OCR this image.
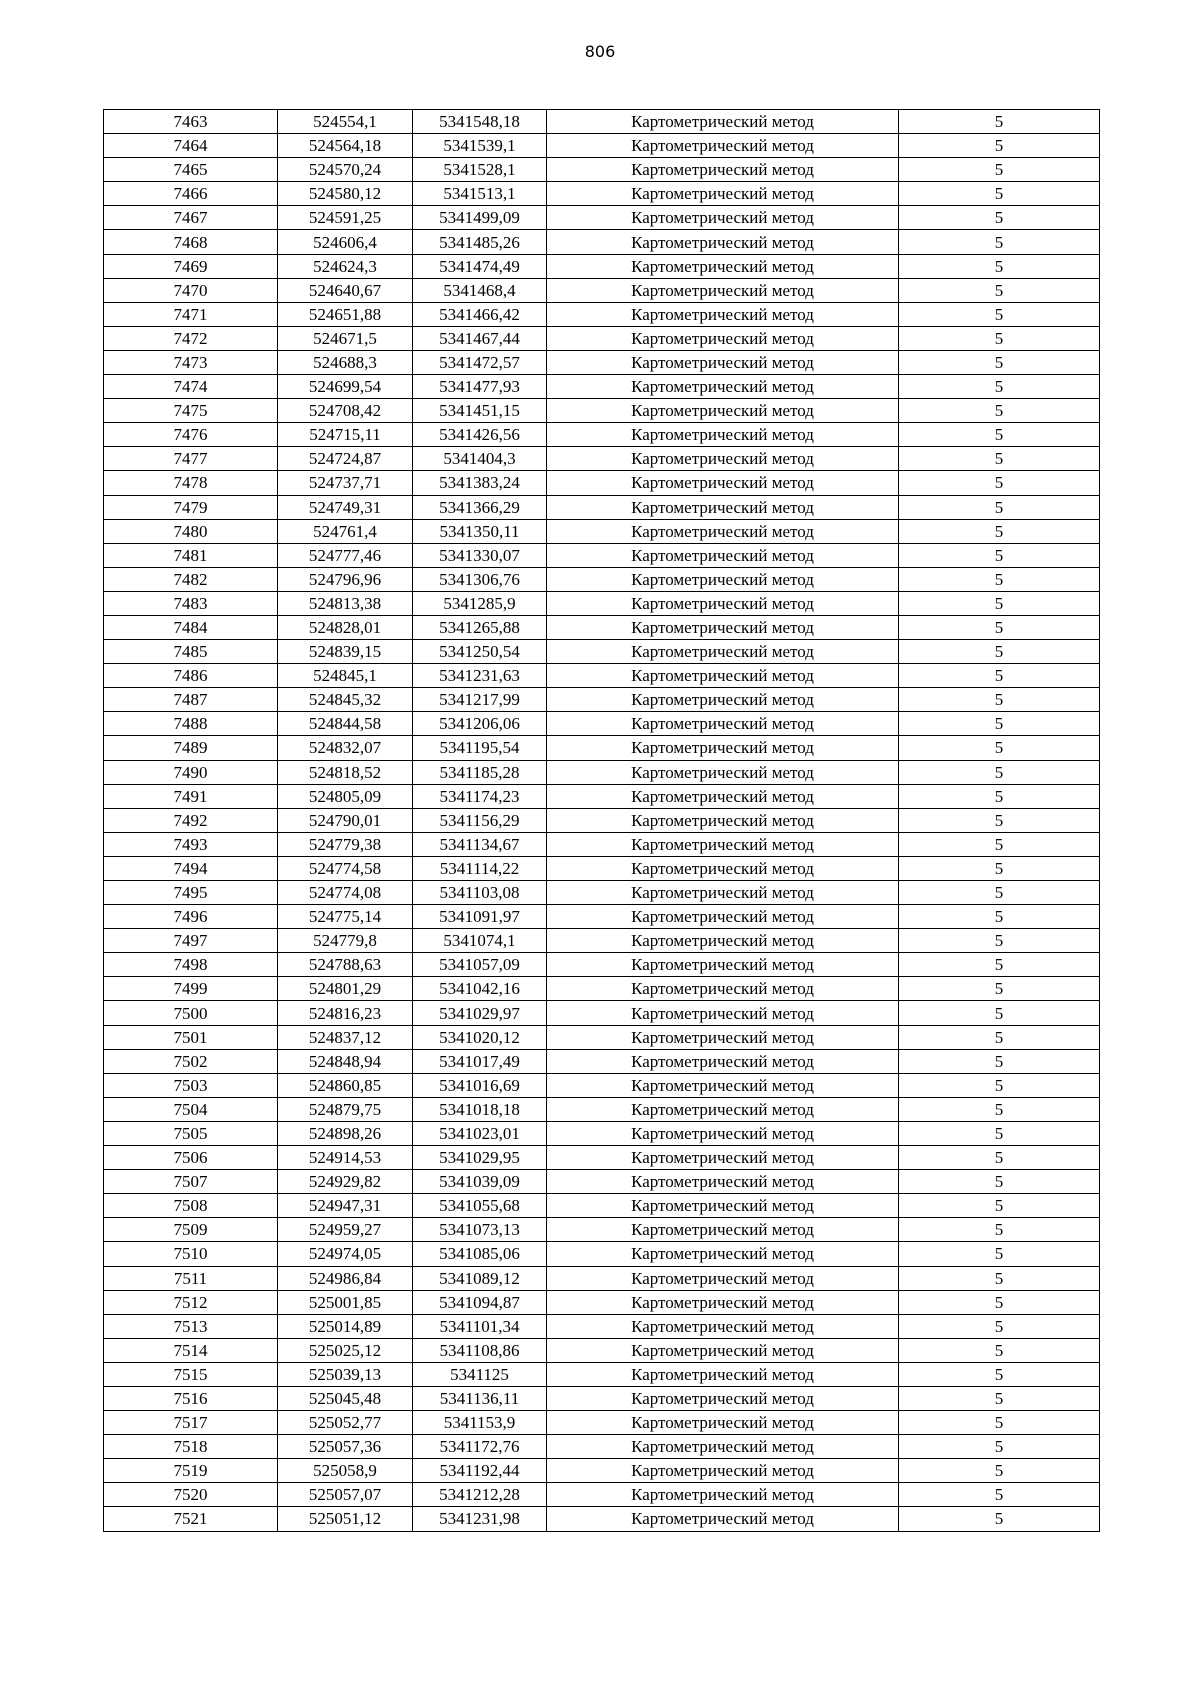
806
7463	524554,1	5341548,18	Картометрический метод	5
7464	524564,18	5341539,1	Картометрический метод	5
7465	524570,24	5341528,1	Картометрический метод	5
7466	524580,12	5341513,1	Картометрический метод	5
7467	524591,25	5341499,09	Картометрический метод	5
7468	524606,4	5341485,26	Картометрический метод	5
7469	524624,3	5341474,49	Картометрический метод	5
7470	524640,67	5341468,4	Картометрический метод	5
7471	524651,88	5341466,42	Картометрический метод	5
7472	524671,5	5341467,44	Картометрический метод	5
7473	524688,3	5341472,57	Картометрический метод	5
7474	524699,54	5341477,93	Картометрический метод	5
7475	524708,42	5341451,15	Картометрический метод	5
7476	524715,11	5341426,56	Картометрический метод	5
7477	524724,87	5341404,3	Картометрический метод	5
7478	524737,71	5341383,24	Картометрический метод	5
7479	524749,31	5341366,29	Картометрический метод	5
7480	524761,4	5341350,11	Картометрический метод	5
7481	524777,46	5341330,07	Картометрический метод	5
7482	524796,96	5341306,76	Картометрический метод	5
7483	524813,38	5341285,9	Картометрический метод	5
7484	524828,01	5341265,88	Картометрический метод	5
7485	524839,15	5341250,54	Картометрический метод	5
7486	524845,1	5341231,63	Картометрический метод	5
7487	524845,32	5341217,99	Картометрический метод	5
7488	524844,58	5341206,06	Картометрический метод	5
7489	524832,07	5341195,54	Картометрический метод	5
7490	524818,52	5341185,28	Картометрический метод	5
7491	524805,09	5341174,23	Картометрический метод	5
7492	524790,01	5341156,29	Картометрический метод	5
7493	524779,38	5341134,67	Картометрический метод	5
7494	524774,58	5341114,22	Картометрический метод	5
7495	524774,08	5341103,08	Картометрический метод	5
7496	524775,14	5341091,97	Картометрический метод	5
7497	524779,8	5341074,1	Картометрический метод	5
7498	524788,63	5341057,09	Картометрический метод	5
7499	524801,29	5341042,16	Картометрический метод	5
7500	524816,23	5341029,97	Картометрический метод	5
7501	524837,12	5341020,12	Картометрический метод	5
7502	524848,94	5341017,49	Картометрический метод	5
7503	524860,85	5341016,69	Картометрический метод	5
7504	524879,75	5341018,18	Картометрический метод	5
7505	524898,26	5341023,01	Картометрический метод	5
7506	524914,53	5341029,95	Картометрический метод	5
7507	524929,82	5341039,09	Картометрический метод	5
7508	524947,31	5341055,68	Картометрический метод	5
7509	524959,27	5341073,13	Картометрический метод	5
7510	524974,05	5341085,06	Картометрический метод	5
7511	524986,84	5341089,12	Картометрический метод	5
7512	525001,85	5341094,87	Картометрический метод	5
7513	525014,89	5341101,34	Картометрический метод	5
7514	525025,12	5341108,86	Картометрический метод	5
7515	525039,13	5341125	Картометрический метод	5
7516	525045,48	5341136,11	Картометрический метод	5
7517	525052,77	5341153,9	Картометрический метод	5
7518	525057,36	5341172,76	Картометрический метод	5
7519	525058,9	5341192,44	Картометрический метод	5
7520	525057,07	5341212,28	Картометрический метод	5
7521	525051,12	5341231,98	Картометрический метод	5
